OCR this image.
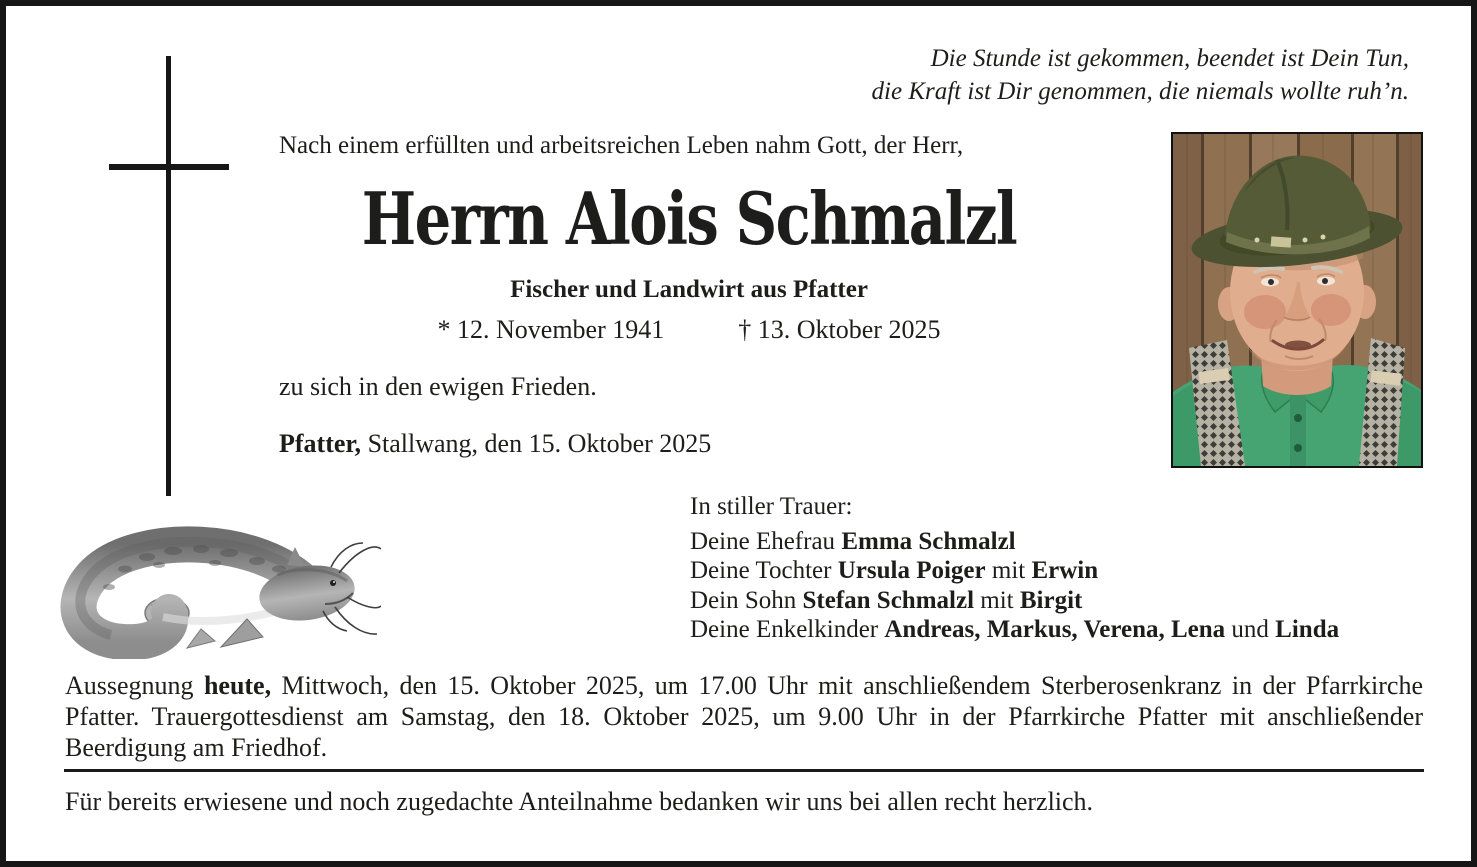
Die Stunde ist gekommen, beendet ist Dein Tun,
die Kraft ist Dir genommen, die niemals wollte ruh’n.
Nach einem erfüllten und arbeitsreichen Leben nahm Gott, der Herr,
Herrn Alois Schmalzl
Fischer und Landwirt aus Pfatter
* 12. November 1941	† 13. Oktober 2025
zu sich in den ewigen Frieden.
Pfatter, Stallwang, den 15. Oktober 2025
In stiller Trauer:
Deine Ehefrau Emma Schmalzl
Deine Tochter Ursula Poiger mit Erwin
Dein Sohn Stefan Schmalzl mit Birgit
Deine Enkelkinder Andreas, Markus, Verena, Lena und Linda

Aussegnung heute, Mittwoch, den 15. Oktober 2025, um 17.00 Uhr mit anschließendem Sterberosenkranz in der Pfarrkirche Pfatter. Trauergottesdienst am Samstag, den 18. Oktober 2025, um 9.00 Uhr in der Pfarrkirche Pfatter mit anschließender Beerdigung am Friedhof.

Für bereits erwiesene und noch zugedachte Anteilnahme bedanken wir uns bei allen recht herzlich.
